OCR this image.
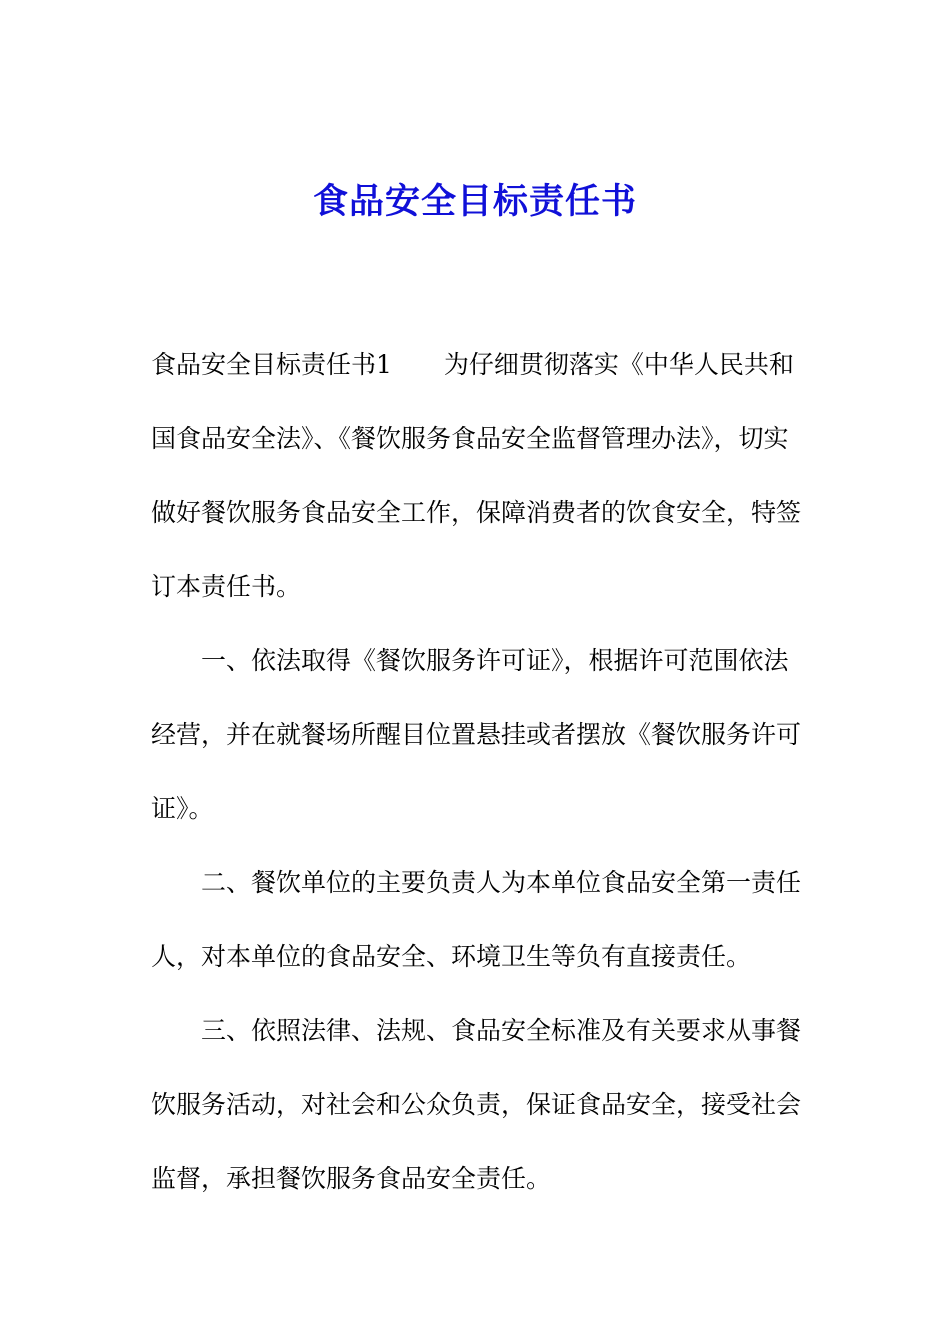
食品安全目标责任书

食品安全目标责任书1 为仔细贯彻落实《中华人民共和国食品安全法》、《餐饮服务食品安全监督管理办法》，切实做好餐饮服务食品安全工作，保障消费者的饮食安全，特签订本责任书。

一、依法取得《餐饮服务许可证》，根据许可范围依法经营，并在就餐场所醒目位置悬挂或者摆放《餐饮服务许可证》。

二、餐饮单位的主要负责人为本单位食品安全第一责任人，对本单位的食品安全、环境卫生等负有直接责任。

三、依照法律、法规、食品安全标准及有关要求从事餐饮服务活动，对社会和公众负责，保证食品安全，接受社会监督，承担餐饮服务食品安全责任。
